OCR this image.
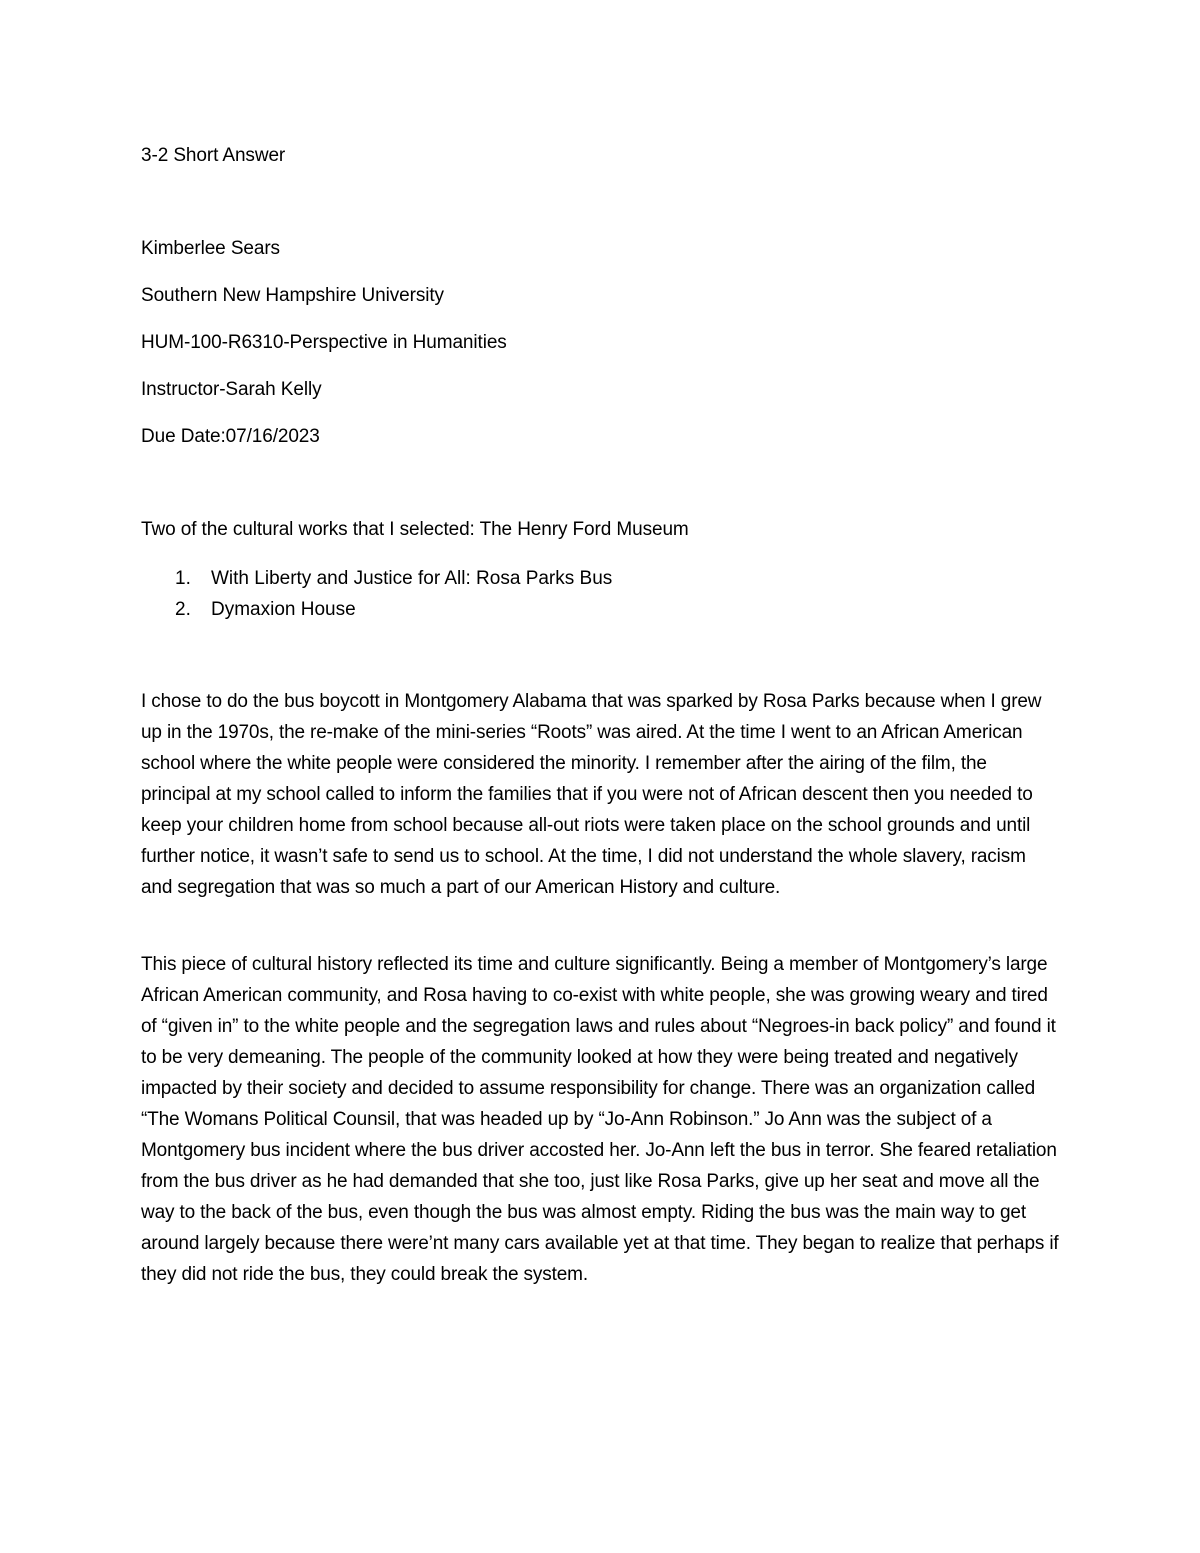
3-2 Short Answer
Kimberlee Sears
Southern New Hampshire University
HUM-100-R6310-Perspective in Humanities
Instructor-Sarah Kelly
Due Date:07/16/2023
Two of the cultural works that I selected: The Henry Ford Museum
1.	With Liberty and Justice for All: Rosa Parks Bus
2.	Dymaxion House

I chose to do the bus boycott in Montgomery Alabama that was sparked by Rosa Parks because when I grew up in the 1970s, the re-make of the mini-series “Roots” was aired. At the time I went to an African American school where the white people were considered the minority. I remember after the airing of the film, the principal at my school called to inform the families that if you were not of African descent then you needed to keep your children home from school because all-out riots were taken place on the school grounds and until further notice, it wasn’t safe to send us to school. At the time, I did not understand the whole slavery, racism and segregation that was so much a part of our American History and culture.

This piece of cultural history reflected its time and culture significantly. Being a member of Montgomery’s large African American community, and Rosa having to co-exist with white people, she was growing weary and tired of “given in” to the white people and the segregation laws and rules about “Negroes-in back policy” and found it to be very demeaning. The people of the community looked at how they were being treated and negatively impacted by their society and decided to assume responsibility for change. There was an organization called “The Womans Political Counsil, that was headed up by “Jo-Ann Robinson.” Jo Ann was the subject of a Montgomery bus incident where the bus driver accosted her. Jo-Ann left the bus in terror. She feared retaliation from the bus driver as he had demanded that she too, just like Rosa Parks, give up her seat and move all the way to the back of the bus, even though the bus was almost empty. Riding the bus was the main way to get around largely because there were’nt many cars available yet at that time. They began to realize that perhaps if they did not ride the bus, they could break the system.
